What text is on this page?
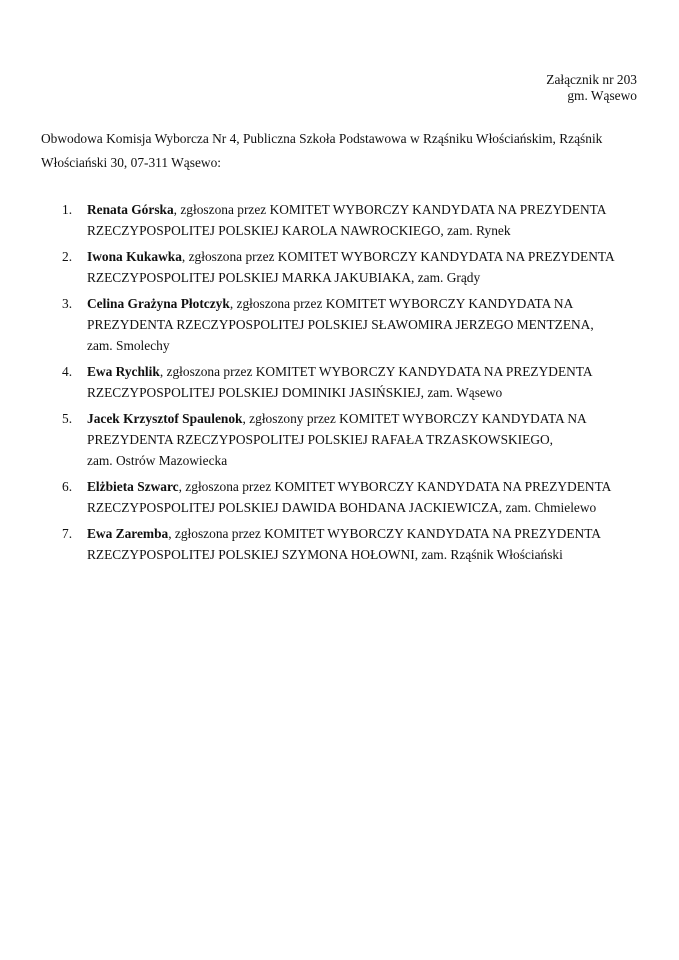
Załącznik nr 203
gm. Wąsewo
Obwodowa Komisja Wyborcza Nr 4, Publiczna Szkoła Podstawowa w Rząśniku Włościańskim, Rząśnik
Włościański 30, 07-311 Wąsewo:
1. Renata Górska, zgłoszona przez KOMITET WYBORCZY KANDYDATA NA PREZYDENTA
RZECZYPOSPOLITEJ POLSKIEJ KAROLA NAWROCKIEGO, zam. Rynek
2. Iwona Kukawka, zgłoszona przez KOMITET WYBORCZY KANDYDATA NA PREZYDENTA
RZECZYPOSPOLITEJ POLSKIEJ MARKA JAKUBIAKA, zam. Grądy
3. Celina Grażyna Płotczyk, zgłoszona przez KOMITET WYBORCZY KANDYDATA NA
PREZYDENTA RZECZYPOSPOLITEJ POLSKIEJ SŁAWOMIRA JERZEGO MENTZENA,
zam. Smolechy
4. Ewa Rychlik, zgłoszona przez KOMITET WYBORCZY KANDYDATA NA PREZYDENTA
RZECZYPOSPOLITEJ POLSKIEJ DOMINIKI JASIŃSKIEJ, zam. Wąsewo
5. Jacek Krzysztof Spaulenok, zgłoszony przez KOMITET WYBORCZY KANDYDATA NA
PREZYDENTA RZECZYPOSPOLITEJ POLSKIEJ RAFAŁA TRZASKOWSKIEGO,
zam. Ostrów Mazowiecka
6. Elżbieta Szwarc, zgłoszona przez KOMITET WYBORCZY KANDYDATA NA PREZYDENTA
RZECZYPOSPOLITEJ POLSKIEJ DAWIDA BOHDANA JACKIEWICZA, zam. Chmielewo
7. Ewa Zaremba, zgłoszona przez KOMITET WYBORCZY KANDYDATA NA PREZYDENTA
RZECZYPOSPOLITEJ POLSKIEJ SZYMONA HOŁOWNI, zam. Rząśnik Włościański
